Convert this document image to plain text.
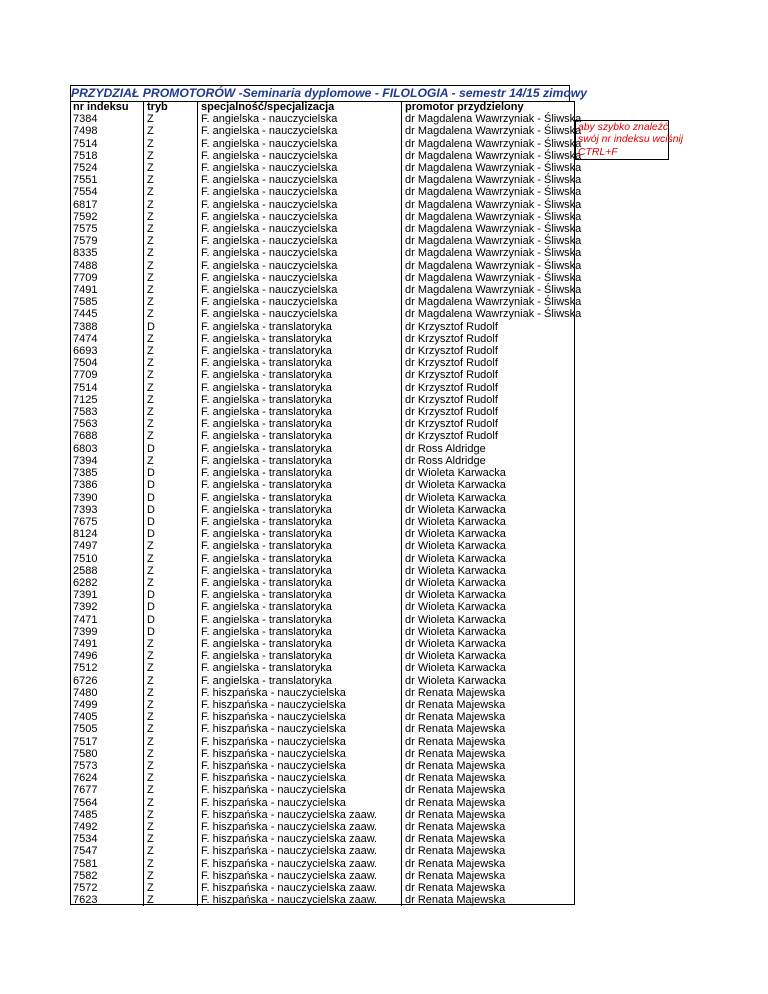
PRZYDZIAŁ PROMOTORÓW -Seminaria dyplomowe - FILOLOGIA - semestr 14/15 zimowy
nr indeksu	tryb	specjalność/specjalizacja	promotor przydzielony
7384	Z	F. angielska - nauczycielska	dr Magdalena Wawrzyniak - Śliwska
7498	Z	F. angielska - nauczycielska	dr Magdalena Wawrzyniak - Śliwska
7514	Z	F. angielska - nauczycielska	dr Magdalena Wawrzyniak - Śliwska
7518	Z	F. angielska - nauczycielska	dr Magdalena Wawrzyniak - Śliwska
7524	Z	F. angielska - nauczycielska	dr Magdalena Wawrzyniak - Śliwska
7551	Z	F. angielska - nauczycielska	dr Magdalena Wawrzyniak - Śliwska
7554	Z	F. angielska - nauczycielska	dr Magdalena Wawrzyniak - Śliwska
6817	Z	F. angielska - nauczycielska	dr Magdalena Wawrzyniak - Śliwska
7592	Z	F. angielska - nauczycielska	dr Magdalena Wawrzyniak - Śliwska
7575	Z	F. angielska - nauczycielska	dr Magdalena Wawrzyniak - Śliwska
7579	Z	F. angielska - nauczycielska	dr Magdalena Wawrzyniak - Śliwska
8335	Z	F. angielska - nauczycielska	dr Magdalena Wawrzyniak - Śliwska
7488	Z	F. angielska - nauczycielska	dr Magdalena Wawrzyniak - Śliwska
7709	Z	F. angielska - nauczycielska	dr Magdalena Wawrzyniak - Śliwska
7491	Z	F. angielska - nauczycielska	dr Magdalena Wawrzyniak - Śliwska
7585	Z	F. angielska - nauczycielska	dr Magdalena Wawrzyniak - Śliwska
7445	Z	F. angielska - nauczycielska	dr Magdalena Wawrzyniak - Śliwska
7388	D	F. angielska - translatoryka	dr Krzysztof Rudolf
7474	Z	F. angielska - translatoryka	dr Krzysztof Rudolf
6693	Z	F. angielska - translatoryka	dr Krzysztof Rudolf
7504	Z	F. angielska - translatoryka	dr Krzysztof Rudolf
7709	Z	F. angielska - translatoryka	dr Krzysztof Rudolf
7514	Z	F. angielska - translatoryka	dr Krzysztof Rudolf
7125	Z	F. angielska - translatoryka	dr Krzysztof Rudolf
7583	Z	F. angielska - translatoryka	dr Krzysztof Rudolf
7563	Z	F. angielska - translatoryka	dr Krzysztof Rudolf
7688	Z	F. angielska - translatoryka	dr Krzysztof Rudolf
6803	D	F. angielska - translatoryka	dr Ross Aldridge
7394	Z	F. angielska - translatoryka	dr Ross Aldridge
7385	D	F. angielska - translatoryka	dr Wioleta Karwacka
7386	D	F. angielska - translatoryka	dr Wioleta Karwacka
7390	D	F. angielska - translatoryka	dr Wioleta Karwacka
7393	D	F. angielska - translatoryka	dr Wioleta Karwacka
7675	D	F. angielska - translatoryka	dr Wioleta Karwacka
8124	D	F. angielska - translatoryka	dr Wioleta Karwacka
7497	Z	F. angielska - translatoryka	dr Wioleta Karwacka
7510	Z	F. angielska - translatoryka	dr Wioleta Karwacka
2588	Z	F. angielska - translatoryka	dr Wioleta Karwacka
6282	Z	F. angielska - translatoryka	dr Wioleta Karwacka
7391	D	F. angielska - translatoryka	dr Wioleta Karwacka
7392	D	F. angielska - translatoryka	dr Wioleta Karwacka
7471	D	F. angielska - translatoryka	dr Wioleta Karwacka
7399	D	F. angielska - translatoryka	dr Wioleta Karwacka
7491	Z	F. angielska - translatoryka	dr Wioleta Karwacka
7496	Z	F. angielska - translatoryka	dr Wioleta Karwacka
7512	Z	F. angielska - translatoryka	dr Wioleta Karwacka
6726	Z	F. angielska - translatoryka	dr Wioleta Karwacka
7480	Z	F. hiszpańska - nauczycielska	dr Renata Majewska
7499	Z	F. hiszpańska - nauczycielska	dr Renata Majewska
7405	Z	F. hiszpańska - nauczycielska	dr Renata Majewska
7505	Z	F. hiszpańska - nauczycielska	dr Renata Majewska
7517	Z	F. hiszpańska - nauczycielska	dr Renata Majewska
7580	Z	F. hiszpańska - nauczycielska	dr Renata Majewska
7573	Z	F. hiszpańska - nauczycielska	dr Renata Majewska
7624	Z	F. hiszpańska - nauczycielska	dr Renata Majewska
7677	Z	F. hiszpańska - nauczycielska	dr Renata Majewska
7564	Z	F. hiszpańska - nauczycielska	dr Renata Majewska
7485	Z	F. hiszpańska - nauczycielska zaaw.	dr Renata Majewska
7492	Z	F. hiszpańska - nauczycielska zaaw.	dr Renata Majewska
7534	Z	F. hiszpańska - nauczycielska zaaw.	dr Renata Majewska
7547	Z	F. hiszpańska - nauczycielska zaaw.	dr Renata Majewska
7581	Z	F. hiszpańska - nauczycielska zaaw.	dr Renata Majewska
7582	Z	F. hiszpańska - nauczycielska zaaw.	dr Renata Majewska
7572	Z	F. hiszpańska - nauczycielska zaaw.	dr Renata Majewska
7623	Z	F. hiszpańska - nauczycielska zaaw.	dr Renata Majewska
aby szybko znaleźć
swój nr indeksu wciśnij
CTRL+F
